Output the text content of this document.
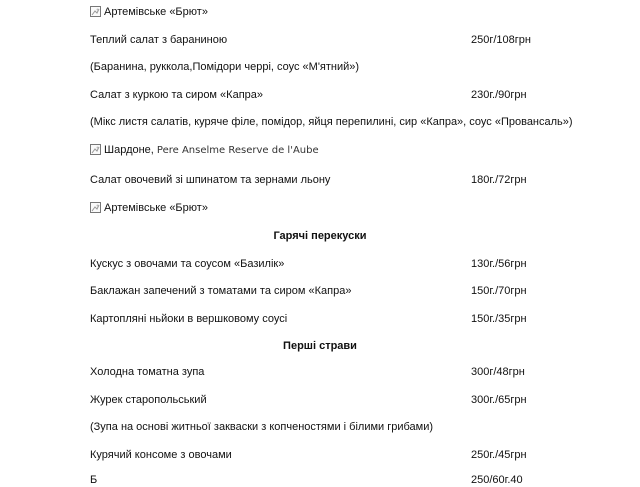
Артемівське «Брют»
Теплий салат з бараниною	250г/108грн
(Баранина, руккола,Помідори черрі, соус «М'ятний»)
Салат з куркою та сиром «Капра»	230г./90грн
(Мікс листя салатів, куряче філе, помідор, яйця перепилині, сир «Капра», соус «Провансаль»)
Шардоне, Pere Anselme Reserve de l'Aube
Салат овочевий зі шпинатом та зернами льону	180г./72грн
Артемівське «Брют»
Гарячі перекуски
Кускус з овочами та соусом «Базилік»	130г./56грн
Баклажан запечений з томатами та сиром «Капра»	150г./70грн
Картопляні ньйоки в вершковому соусі	150г./35грн
Перші страви
Холодна томатна зупа	300г/48грн
Журек старопольський	300г./65грн
(Зупа на основі житньої закваски з копченостями і білими грибами)
Курячий консоме з овочами	250г./45грн
Б	250/60г.40
